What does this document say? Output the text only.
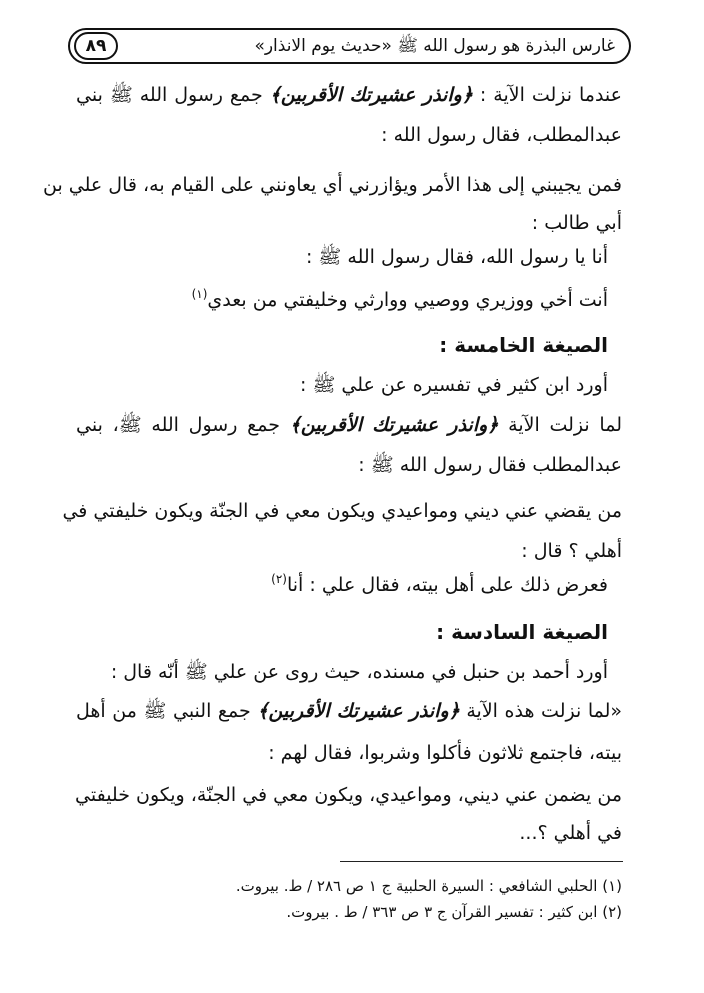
غارس البذرة هو رسول الله ﷺ «حديث يوم الانذار»
٨٩
عندما نزلت الآية : ﴿وانذر عشيرتك الأقربين﴾ جمع رسول الله ﷺ بني
عبدالمطلب، فقال رسول الله :
فمن يجيبني إلى هذا الأمر ويؤازرني أي يعاونني على القيام به، قال علي بن
أبي طالب :
أنا يا رسول الله، فقال رسول الله ﷺ :
أنت أخي ووزيري ووصيي ووارثي وخليفتي من بعدي$^{(١)}$
الصيغة الخامسة :
أورد ابن كثير في تفسيره عن علي ﷺ :
لما نزلت الآية ﴿وانذر عشيرتك الأقربين﴾ جمع رسول الله ﷺ، بني
عبدالمطلب فقال رسول الله ﷺ :
من يقضي عني ديني ومواعيدي ويكون معي في الجنّة ويكون خليفتي في
أهلي ؟ قال :
فعرض ذلك على أهل بيته، فقال علي : أنا$^{(٢)}$
الصيغة السادسة :
أورد أحمد بن حنبل في مسنده، حيث روى عن علي ﷺ أنّه قال :
«لما نزلت هذه الآية ﴿وانذر عشيرتك الأقربين﴾ جمع النبي ﷺ من أهل
بيته، فاجتمع ثلاثون فأكلوا وشربوا، فقال لهم :
من يضمن عني ديني، ومواعيدي، ويكون معي في الجنّة، ويكون خليفتي
في أهلي ؟...
(١) الحلبي الشافعي : السيرة الحلبية ج ١ ص ٢٨٦ / ط. بيروت.
(٢) ابن كثير : تفسير القرآن ج ٣ ص ٣٦٣ / ط . بيروت.
